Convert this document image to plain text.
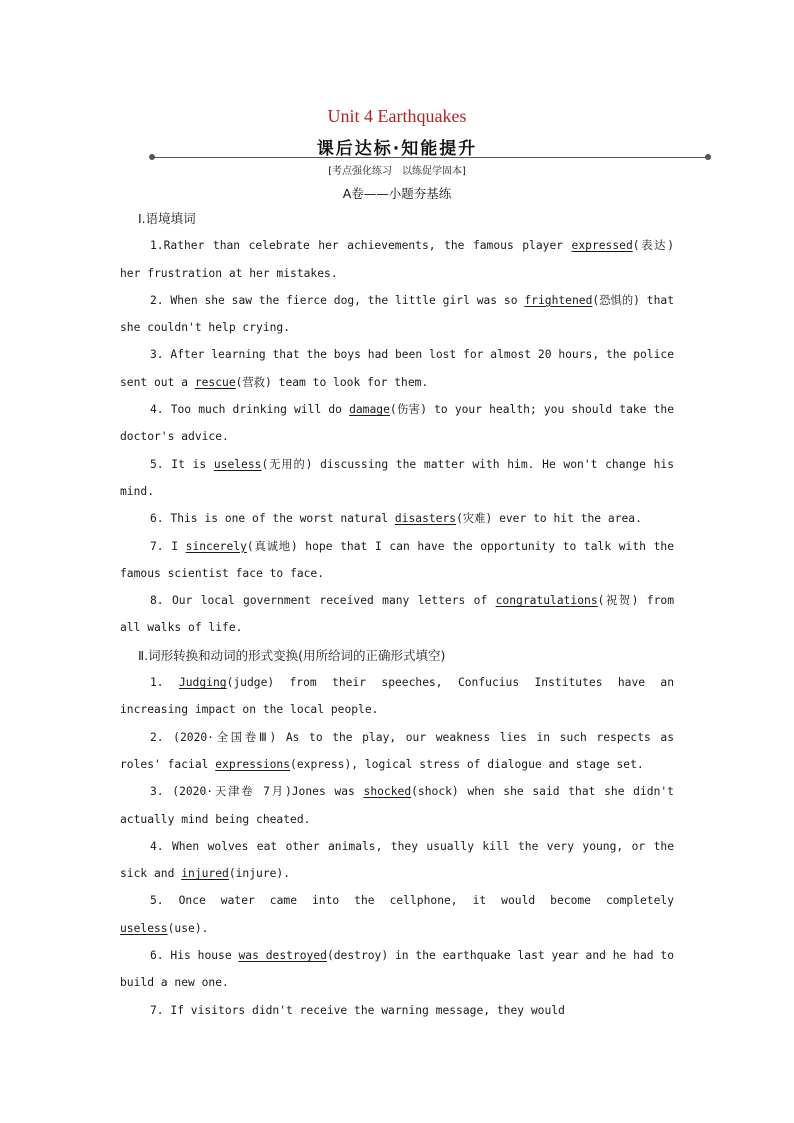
Unit 4 Earthquakes
课后达标·知能提升
[考点强化练习　以练促学固本]
A卷——小题夯基练
Ⅰ.语境填词
1.Rather than celebrate her achievements, the famous player expressed(表达) her frustration at her mistakes.
2. When she saw the fierce dog, the little girl was so frightened(恐惧的) that she couldn't help crying.
3. After learning that the boys had been lost for almost 20 hours, the police sent out a rescue(营救) team to look for them.
4. Too much drinking will do damage(伤害) to your health; you should take the doctor's advice.
5. It is useless(无用的) discussing the matter with him. He won't change his mind.
6. This is one of the worst natural disasters(灾难) ever to hit the area.
7. I sincerely(真诚地) hope that I can have the opportunity to talk with the famous scientist face to face.
8. Our local government received many letters of congratulations(祝贺) from all walks of life.
Ⅱ.词形转换和动词的形式变换(用所给词的正确形式填空)
1. Judging(judge) from their speeches, Confucius Institutes have an increasing impact on the local people.
2. (2020·全国卷Ⅲ) As to the play, our weakness lies in such respects as roles' facial expressions(express), logical stress of dialogue and stage set.
3. (2020·天津卷 7月)Jones was shocked(shock) when she said that she didn't actually mind being cheated.
4. When wolves eat other animals, they usually kill the very young, or the sick and injured(injure).
5. Once water came into the cellphone, it would become completely useless(use).
6. His house was destroyed(destroy) in the earthquake last year and he had to build a new one.
7. If visitors didn't receive the warning message, they would
